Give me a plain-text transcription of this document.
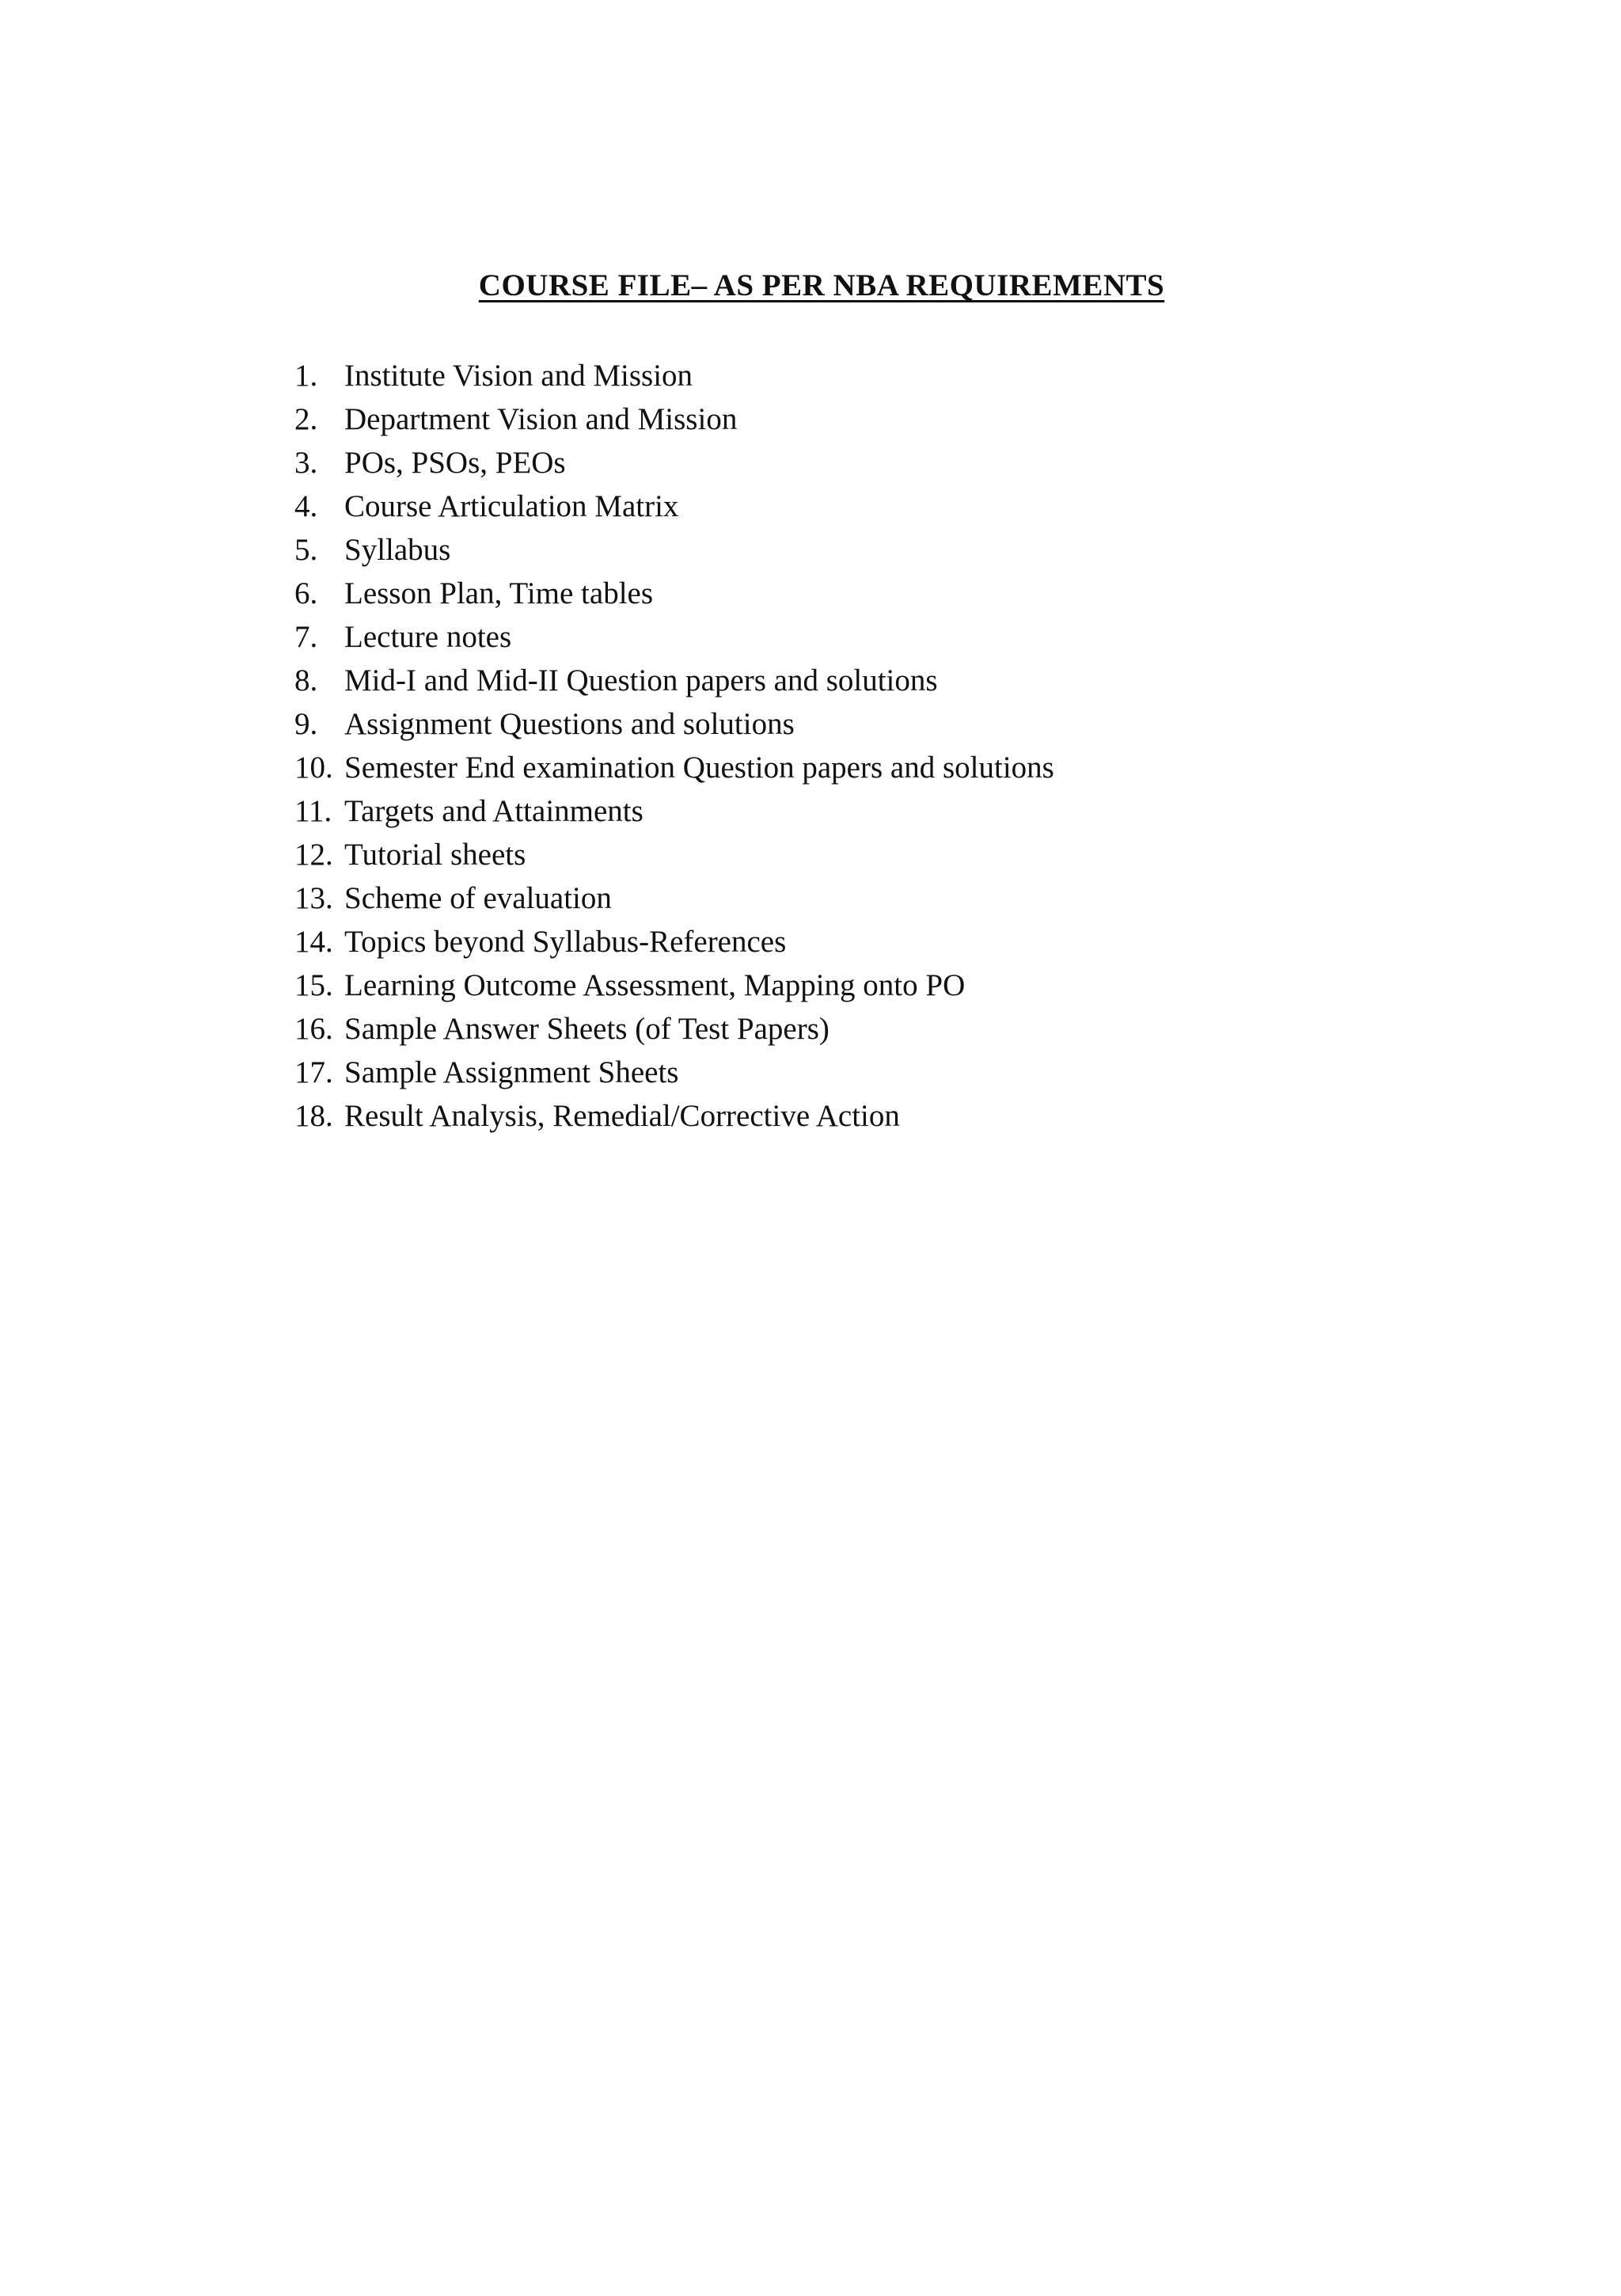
COURSE FILE– AS PER NBA REQUIREMENTS
1. Institute Vision and Mission
2. Department Vision and Mission
3. POs, PSOs, PEOs
4. Course Articulation Matrix
5. Syllabus
6. Lesson Plan, Time tables
7. Lecture notes
8. Mid-I and Mid-II Question papers and solutions
9. Assignment Questions and solutions
10. Semester End examination Question papers and solutions
11. Targets and Attainments
12. Tutorial sheets
13. Scheme of evaluation
14. Topics beyond Syllabus-References
15. Learning Outcome Assessment, Mapping onto PO
16. Sample Answer Sheets (of Test Papers)
17. Sample Assignment Sheets
18. Result Analysis, Remedial/Corrective Action
